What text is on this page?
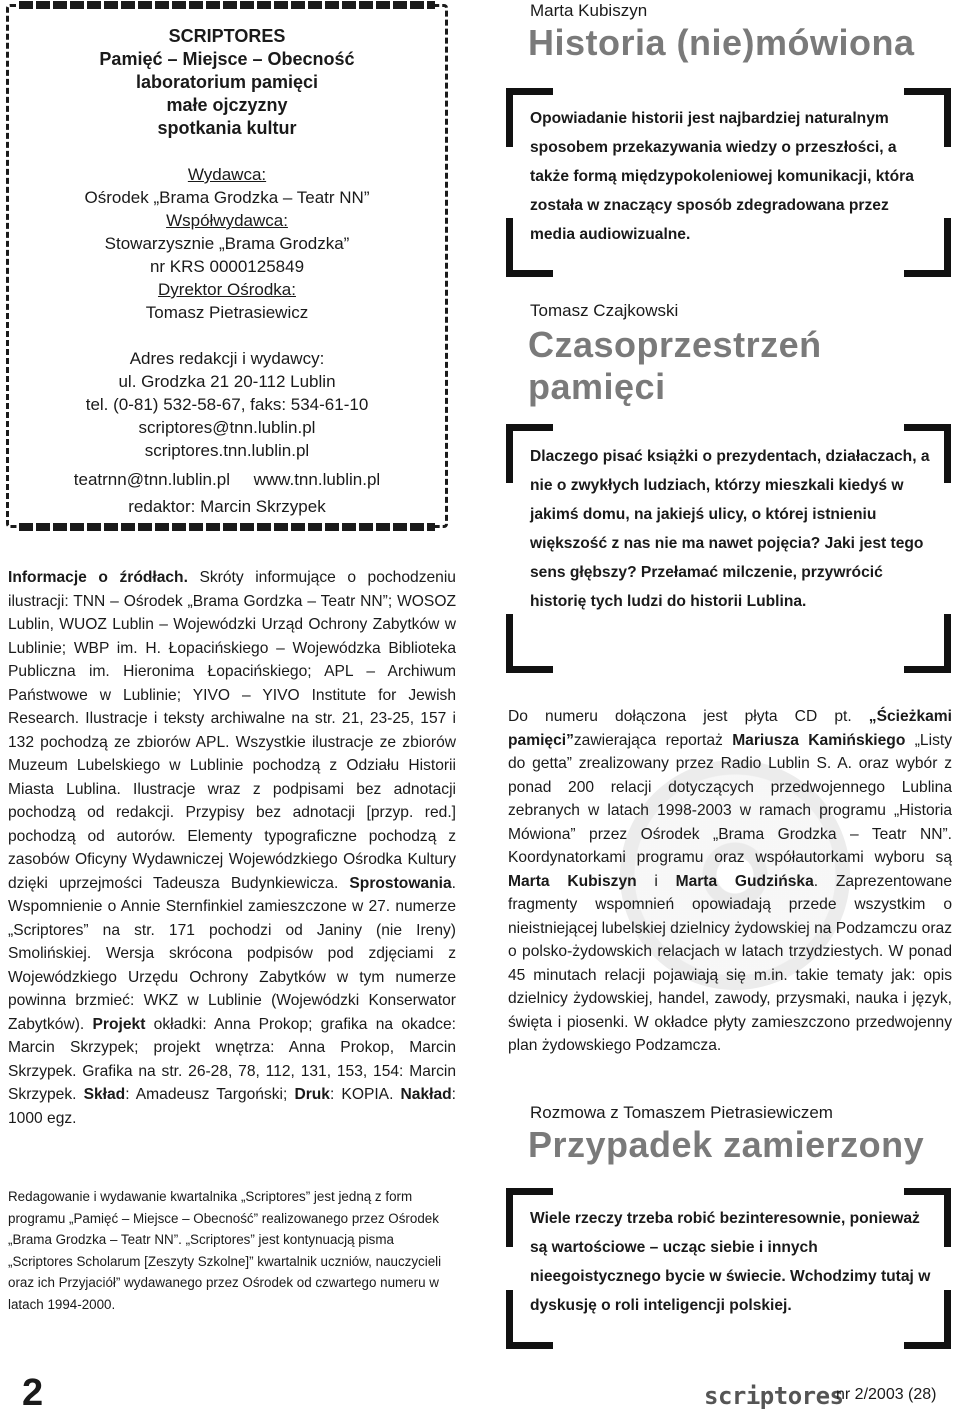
SCRIPTORES
Pamięć – Miejsce – Obecność
laboratorium pamięci
małe ojczyzny
spotkania kultur
Wydawca:
Ośrodek „Brama Grodzka – Teatr NN”
Współwydawca:
Stowarzysznie „Brama Grodzka”
nr KRS 0000125849
Dyrektor Ośrodka:
Tomasz Pietrasiewicz
Adres redakcji i wydawcy:
ul. Grodzka 21 20-112 Lublin
tel. (0-81) 532-58-67, faks: 534-61-10
scriptores@tnn.lublin.pl
scriptores.tnn.lublin.pl
teatrnn@tnn.lublin.pl www.tnn.lublin.pl
redaktor: Marcin Skrzypek
Informacje o źródłach. Skróty informujące o pochodzeniu ilustracji: TNN – Ośrodek „Brama Gordzka – Teatr NN”; WOSOZ Lublin, WUOZ Lublin – Wojewódzki Urząd Ochrony Zabytków w Lublinie; WBP im. H. Łopacińskiego – Wojewódzka Biblioteka Publiczna im. Hieronima Łopacińskiego; APL – Archiwum Państwowe w Lublinie; YIVO – YIVO Institute for Jewish Research. Ilustracje i teksty archiwalne na str. 21, 23-25, 157 i 132 pochodzą ze zbiorów APL. Wszystkie ilustracje ze zbiorów Muzeum Lubelskiego w Lublinie pochodzą z Odziału Historii Miasta Lublina. Ilustracje wraz z podpisami bez adnotacji pochodzą od redakcji. Przypisy bez adnotacji [przyp. red.] pochodzą od autorów. Elementy typograficzne pochodzą z zasobów Oficyny Wydawniczej Wojewódzkiego Ośrodka Kultury dzięki uprzejmości Tadeusza Budynkiewicza. Sprostowania. Wspomnienie o Annie Sternfinkiel zamieszczone w 27. numerze „Scriptores” na str. 171 pochodzi od Janiny (nie Ireny) Smolińskiej. Wersja skrócona podpisów pod zdjęciami z Wojewódzkiego Urzędu Ochrony Zabytków w tym numerze powinna brzmieć: WKZ w Lublinie (Wojewódzki Konserwator Zabytków). Projekt okładki: Anna Prokop; grafika na okadce: Marcin Skrzypek; projekt wnętrza: Anna Prokop, Marcin Skrzypek. Grafika na str. 26-28, 78, 112, 131, 153, 154: Marcin Skrzypek. Skład: Amadeusz Targoński; Druk: KOPIA. Nakład: 1000 egz.
Redagowanie i wydawanie kwartalnika „Scriptores” jest jedną z form programu „Pamięć – Miejsce – Obecność” realizowanego przez Ośrodek „Brama Grodzka – Teatr NN”. „Scriptores” jest kontynuacją pisma „Scriptores Scholarum [Zeszyty Szkolne]” kwartalnik uczniów, nauczycieli oraz ich Przyjaciół” wydawanego przez Ośrodek od czwartego numeru w latach 1994-2000.
2
Marta Kubiszyn
Historia (nie)mówiona
Opowiadanie historii jest najbardziej naturalnym sposobem przekazywania wiedzy o przeszłości, a także formą międzypokoleniowej komunikacji, która została w znaczący sposób zdegradowana przez media audiowizualne.
Tomasz Czajkowski
Czasoprzestrzeń
pamięci
Dlaczego pisać książki o prezydentach, działaczach, a nie o zwykłych ludziach, którzy mieszkali kiedyś w jakimś domu, na jakiejś ulicy, o której istnieniu większość z nas nie ma nawet pojęcia? Jaki jest tego sens głębszy? Przełamać milczenie, przywrócić historię tych ludzi do historii Lublina.
Do numeru dołączona jest płyta CD pt. „Ścieżkami pamięci”zawierająca reportaż Mariusza Kamińskiego „Listy do getta” zrealizowany przez Radio Lublin S. A. oraz wybór z ponad 200 relacji dotyczących przedwojennego Lublina zebranych w latach 1998-2003 w ramach programu „Historia Mówiona” przez Ośrodek „Brama Grodzka – Teatr NN”. Koordynatorkami programu oraz współautorkami wyboru są Marta Kubiszyn i Marta Gudzińska. Zaprezentowane fragmenty wspomnień opowiadają przede wszystkim o nieistniejącej lubelskiej dzielnicy żydowskiej na Podzamczu oraz o polsko-żydowskich relacjach w latach trzydziestych. W ponad 45 minutach relacji pojawiają się m.in. takie tematy jak: opis dzielnicy żydowskiej, handel, zawody, przysmaki, nauka i język, święta i piosenki. W okładce płyty zamieszczono przedwojenny plan żydowskiego Podzamcza.
Rozmowa z Tomaszem Pietrasiewiczem
Przypadek zamierzony
Wiele rzeczy trzeba robić bezinteresownie, ponieważ są wartościowe – ucząc siebie i innych nieegoistycznego bycie w świecie. Wchodzimy tutaj w dyskusję o roli inteligencji polskiej.
scriptores
nr 2/2003 (28)
